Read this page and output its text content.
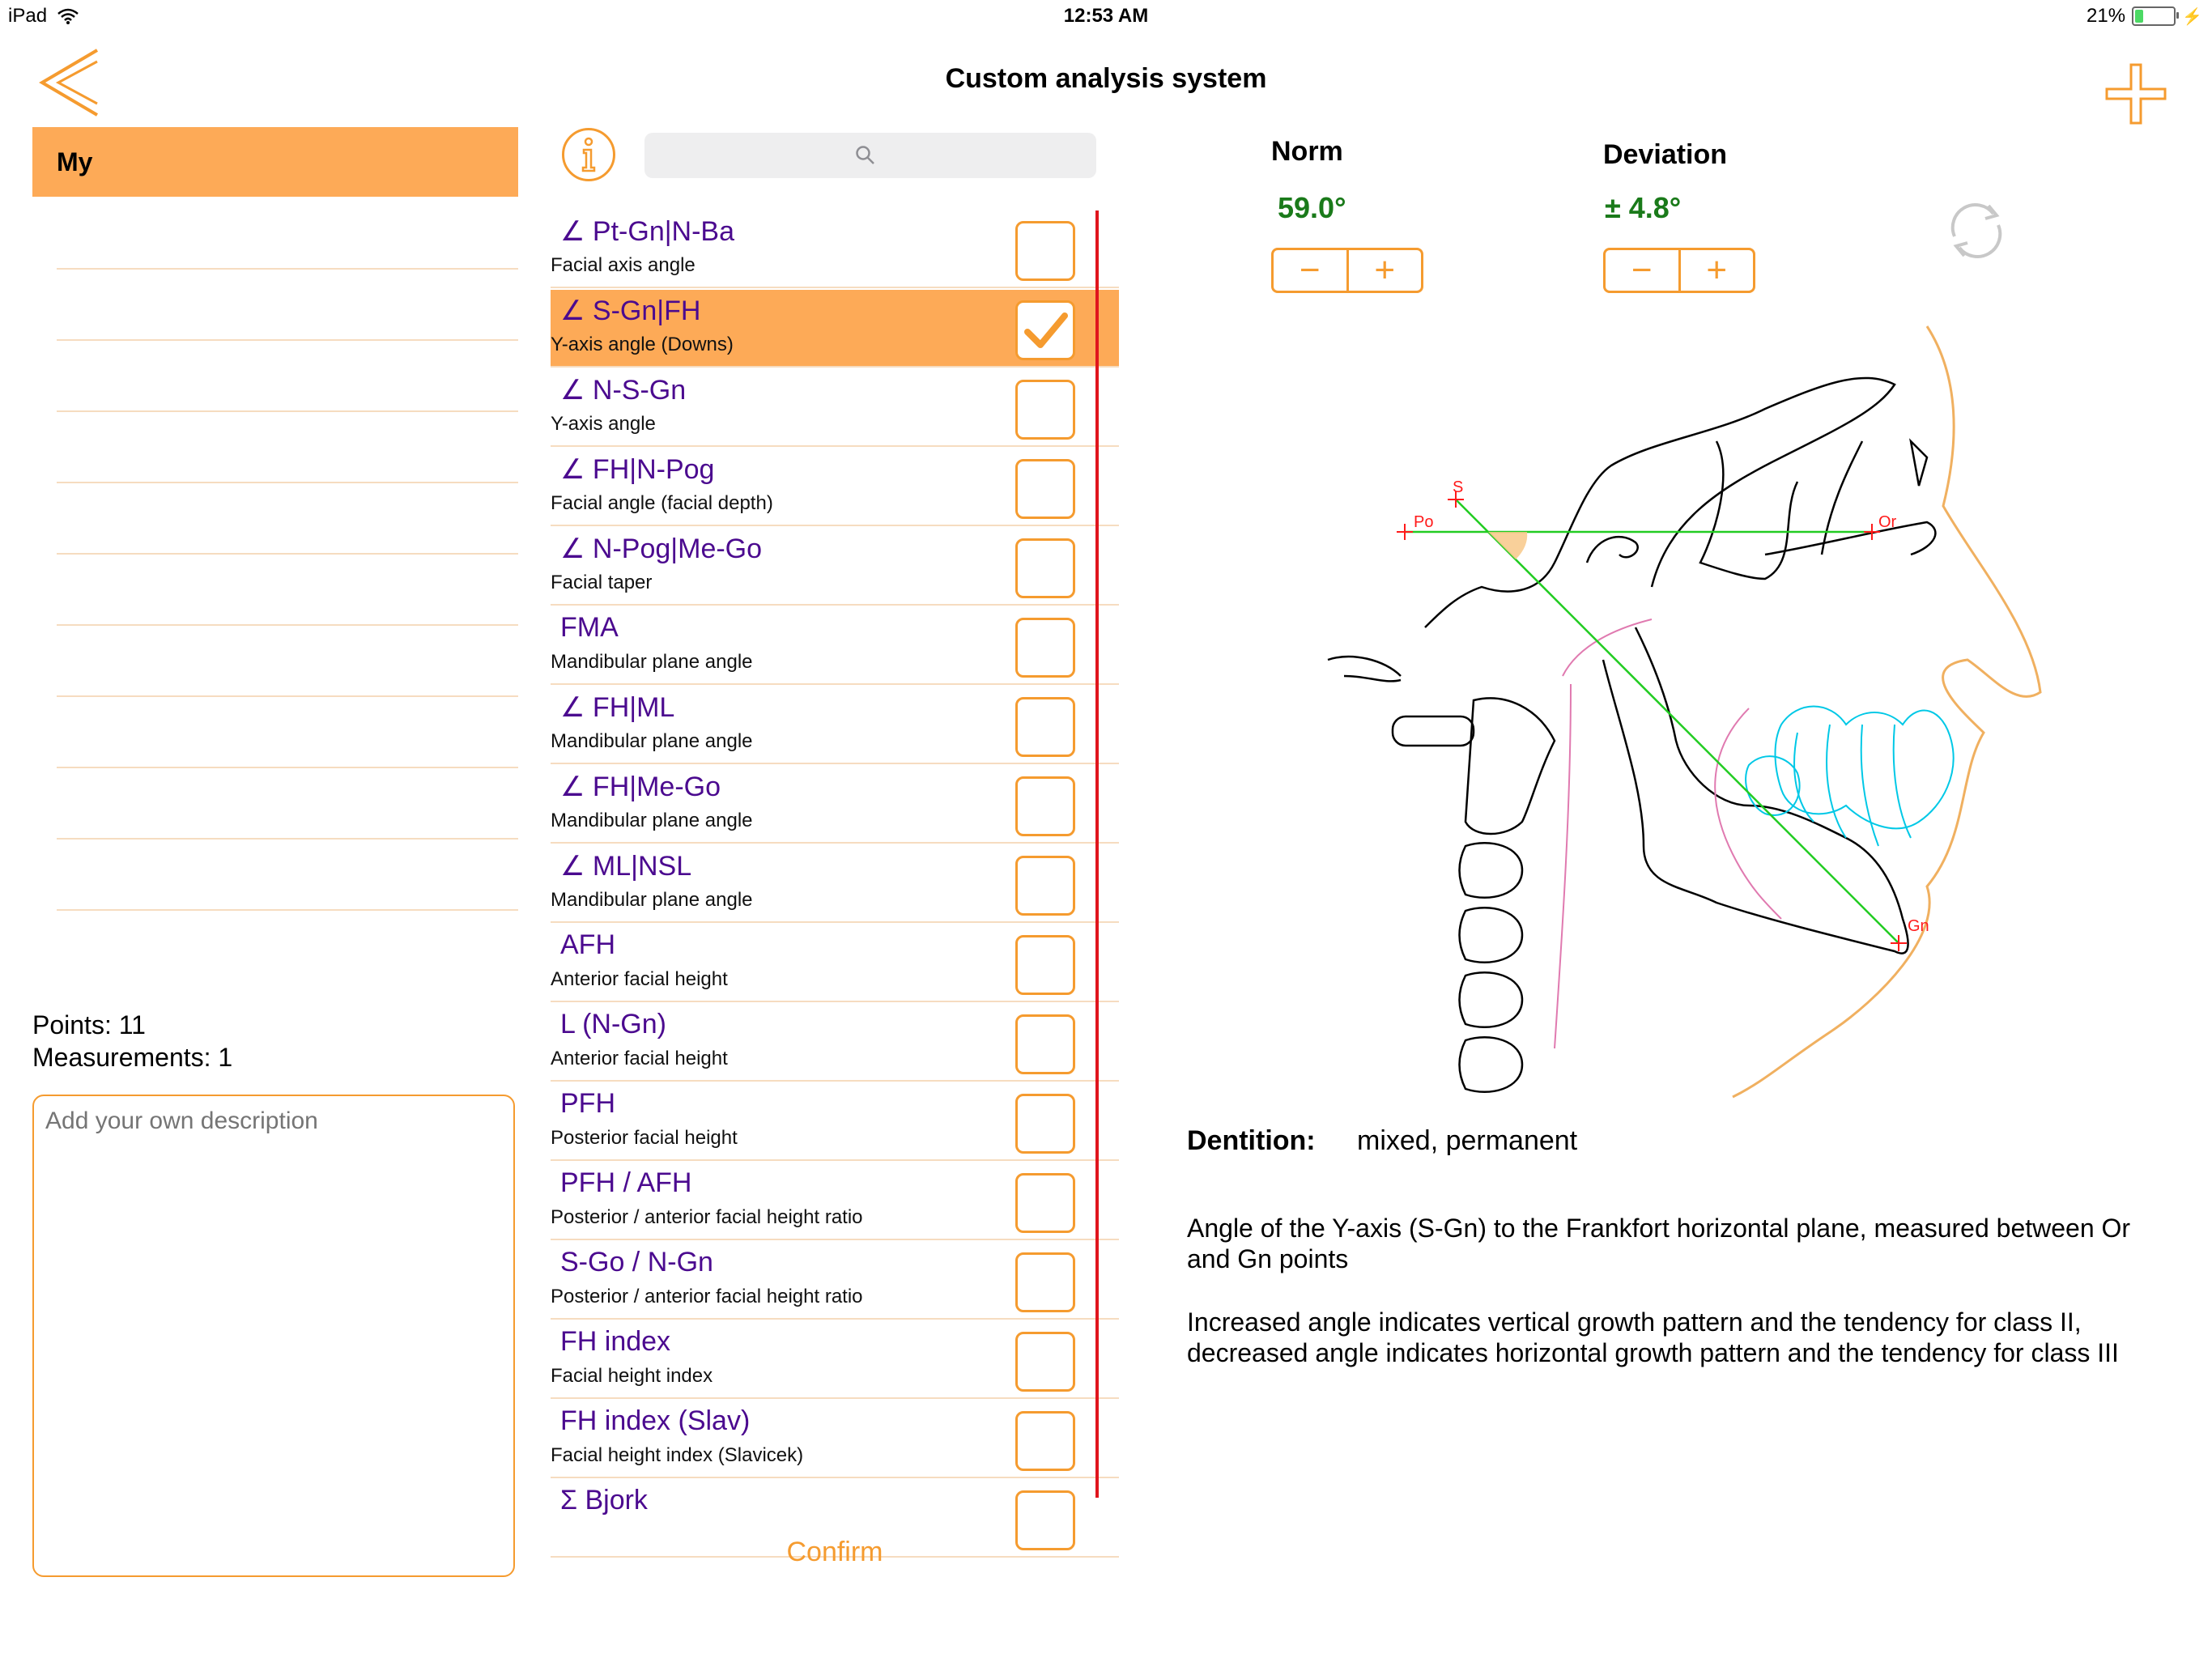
iPad	12:53 AM	21%	⚡
Custom analysis system
My
Points: 11
Measurements: 1
Add your own description
∠ Pt-Gn|N-Ba
Facial axis angle
∠ S-Gn|FH
Y-axis angle (Downs)
∠ N-S-Gn
Y-axis angle
∠ FH|N-Pog
Facial angle (facial depth)
∠ N-Pog|Me-Go
Facial taper
FMA
Mandibular plane angle
∠ FH|ML
Mandibular plane angle
∠ FH|Me-Go
Mandibular plane angle
∠ ML|NSL
Mandibular plane angle
AFH
Anterior facial height
L (N-Gn)
Anterior facial height
PFH
Posterior facial height
PFH / AFH
Posterior / anterior facial height ratio
S-Go / N-Gn
Posterior / anterior facial height ratio
FH index
Facial height index
FH index (Slav)
Facial height index (Slavicek)
Σ Bjork
Confirm
Norm	Deviation
59.0°	± 4.8°
−	+	−	+
S
Po	Or
Gn
Dentition: mixed, permanent
Angle of the Y-axis (S-Gn) to the Frankfort horizontal plane, measured between Or and Gn points
Increased angle indicates vertical growth pattern and the tendency for class II, decreased angle indicates horizontal growth pattern and the tendency for class III
